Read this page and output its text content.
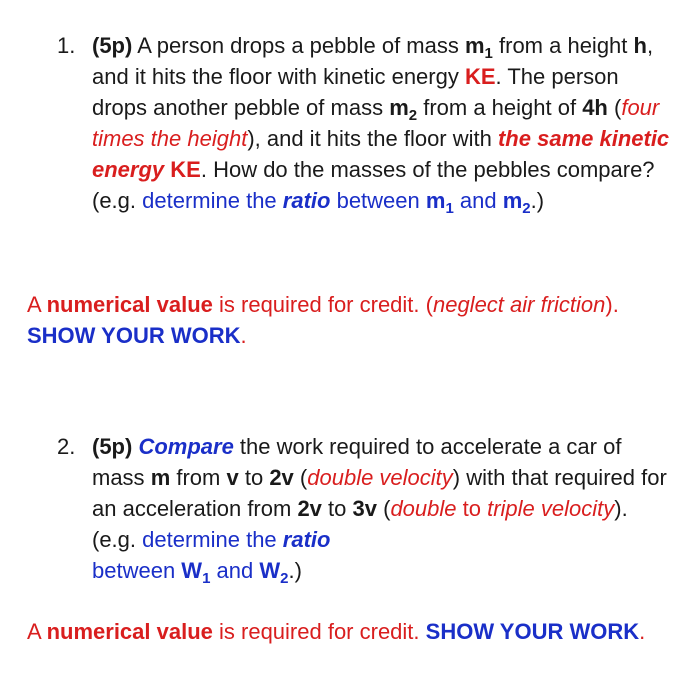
1. (5p) A person drops a pebble of mass $m_1$ from a height h, and it hits the floor with kinetic energy KE. The person drops another pebble of mass $m_2$ from a height of 4h (four times the height), and it hits the floor with the same kinetic energy KE. How do the masses of the pebbles compare? (e.g. determine the ratio between $m_1$ and $m_2$.)
A numerical value is required for credit. (neglect air friction). SHOW YOUR WORK.
2. (5p) Compare the work required to accelerate a car of mass m from v to 2v (double velocity) with that required for an acceleration from 2v to 3v (double to triple velocity). (e.g. determine the ratio
between $W_1$ and $W_2$.)
A numerical value is required for credit. SHOW YOUR WORK.
